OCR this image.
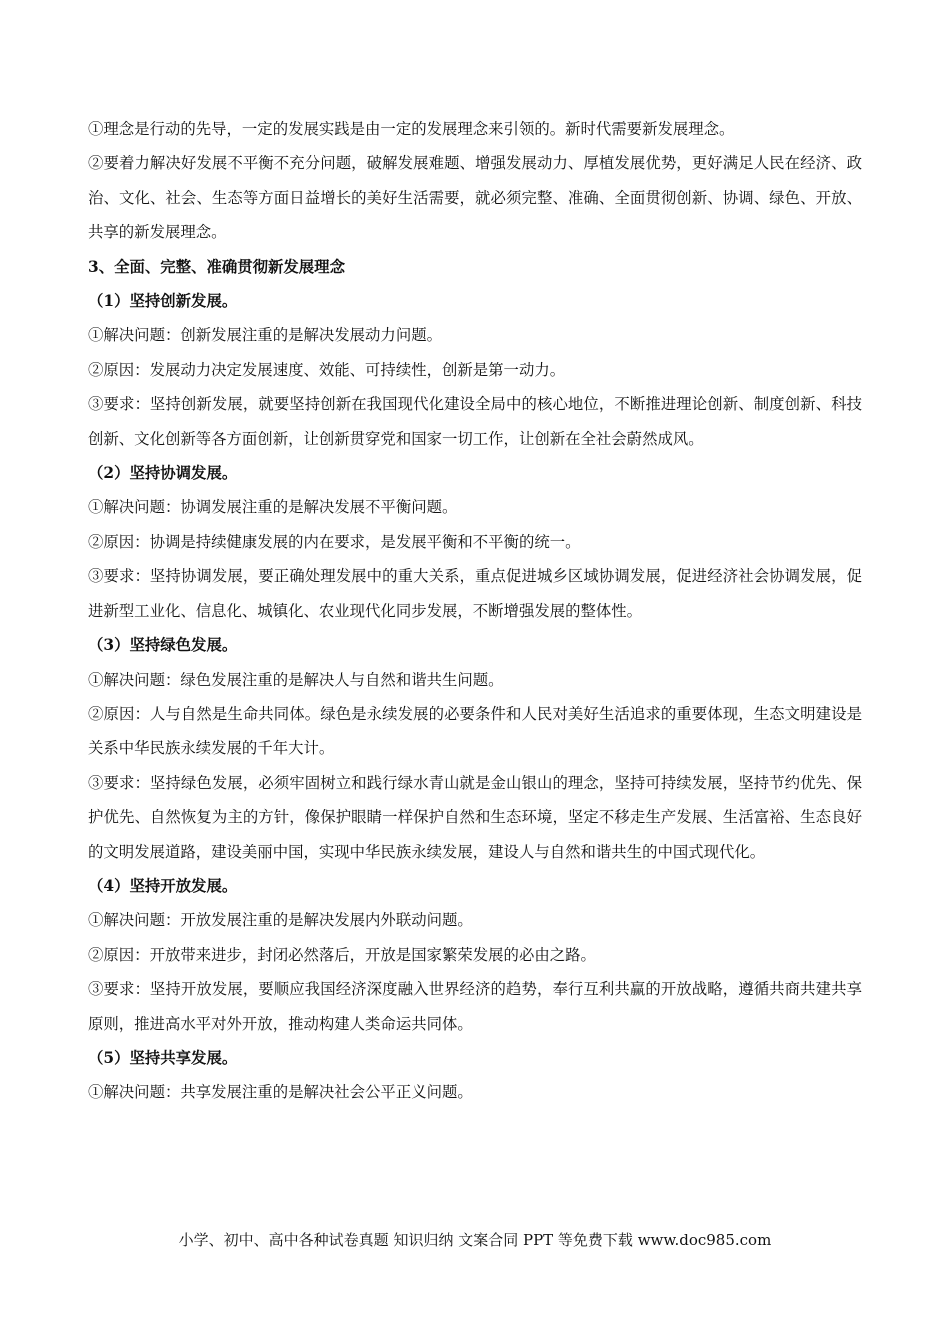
①理念是行动的先导，一定的发展实践是由一定的发展理念来引领的。新时代需要新发展理念。

②要着力解决好发展不平衡不充分问题，破解发展难题、增强发展动力、厚植发展优势，更好满足人民在经济、政治、文化、社会、生态等方面日益增长的美好生活需要，就必须完整、准确、全面贯彻创新、协调、绿色、开放、共享的新发展理念。

3、全面、完整、准确贯彻新发展理念

（1）坚持创新发展。

①解决问题：创新发展注重的是解决发展动力问题。

②原因：发展动力决定发展速度、效能、可持续性，创新是第一动力。

③要求：坚持创新发展，就要坚持创新在我国现代化建设全局中的核心地位，不断推进理论创新、制度创新、科技创新、文化创新等各方面创新，让创新贯穿党和国家一切工作，让创新在全社会蔚然成风。

（2）坚持协调发展。

①解决问题：协调发展注重的是解决发展不平衡问题。

②原因：协调是持续健康发展的内在要求，是发展平衡和不平衡的统一。

③要求：坚持协调发展，要正确处理发展中的重大关系，重点促进城乡区域协调发展，促进经济社会协调发展，促进新型工业化、信息化、城镇化、农业现代化同步发展，不断增强发展的整体性。

（3）坚持绿色发展。

①解决问题：绿色发展注重的是解决人与自然和谐共生问题。

②原因：人与自然是生命共同体。绿色是永续发展的必要条件和人民对美好生活追求的重要体现，生态文明建设是关系中华民族永续发展的千年大计。

③要求：坚持绿色发展，必须牢固树立和践行绿水青山就是金山银山的理念，坚持可持续发展，坚持节约优先、保护优先、自然恢复为主的方针，像保护眼睛一样保护自然和生态环境，坚定不移走生产发展、生活富裕、生态良好的文明发展道路，建设美丽中国，实现中华民族永续发展，建设人与自然和谐共生的中国式现代化。

（4）坚持开放发展。

①解决问题：开放发展注重的是解决发展内外联动问题。

②原因：开放带来进步，封闭必然落后，开放是国家繁荣发展的必由之路。

③要求：坚持开放发展，要顺应我国经济深度融入世界经济的趋势，奉行互利共赢的开放战略，遵循共商共建共享原则，推进高水平对外开放，推动构建人类命运共同体。

（5）坚持共享发展。

①解决问题：共享发展注重的是解决社会公平正义问题。

小学、初中、高中各种试卷真题 知识归纳 文案合同 PPT 等免费下载 www.doc985.com
